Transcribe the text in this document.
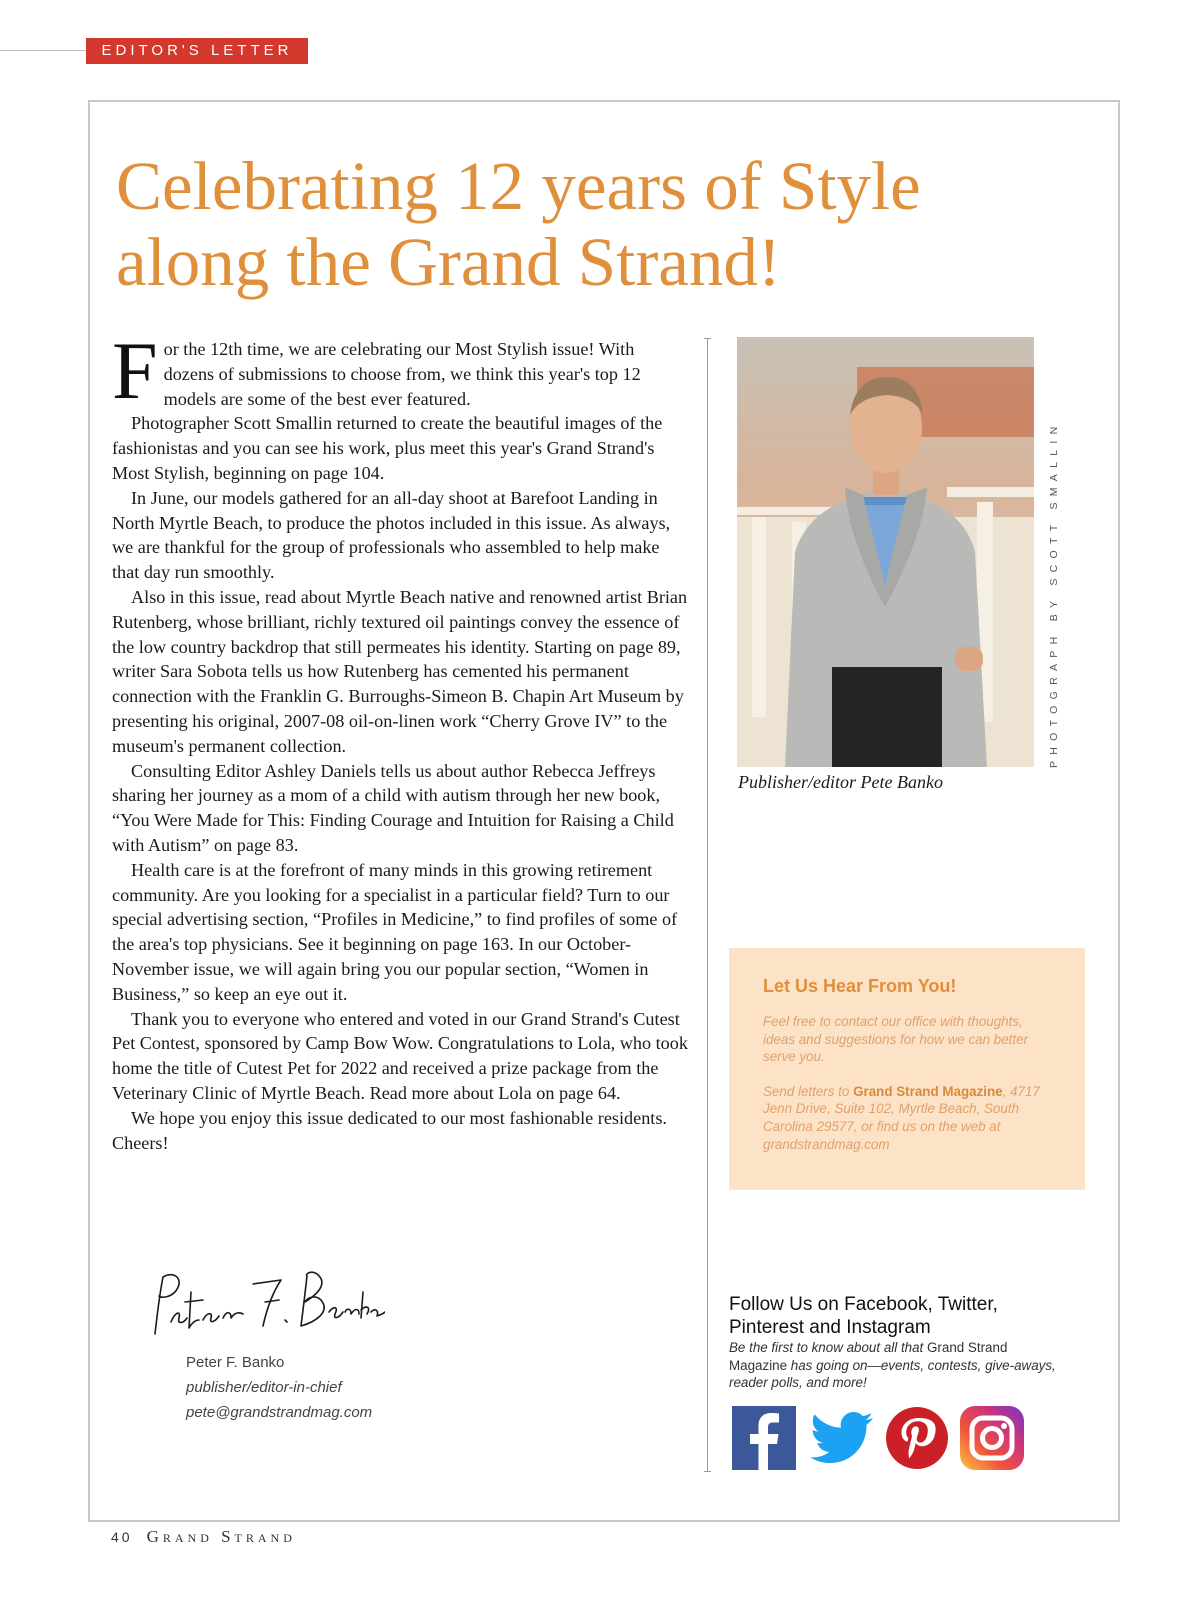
EDITOR'S LETTER
Celebrating 12 years of Style along the Grand Strand!

For the 12th time, we are celebrating our Most Stylish issue! With dozens of submissions to choose from, we think this year's top 12 models are some of the best ever featured.

Photographer Scott Smallin returned to create the beautiful images of the fashionistas and you can see his work, plus meet this year's Grand Strand's Most Stylish, beginning on page 104.

In June, our models gathered for an all-day shoot at Barefoot Landing in North Myrtle Beach, to produce the photos included in this issue. As always, we are thankful for the group of professionals who assembled to help make that day run smoothly.

Also in this issue, read about Myrtle Beach native and renowned artist Brian Rutenberg, whose brilliant, richly textured oil paintings convey the essence of the low country backdrop that still permeates his identity. Starting on page 89, writer Sara Sobota tells us how Rutenberg has cemented his permanent connection with the Franklin G. Burroughs-Simeon B. Chapin Art Museum by presenting his original, 2007-08 oil-on-linen work “Cherry Grove IV” to the museum's permanent collection.

Consulting Editor Ashley Daniels tells us about author Rebecca Jeffreys sharing her journey as a mom of a child with autism through her new book, “You Were Made for This: Finding Courage and Intuition for Raising a Child with Autism” on page 83.

Health care is at the forefront of many minds in this growing retirement community. Are you looking for a specialist in a particular field? Turn to our special advertising section, “Profiles in Medicine,” to find profiles of some of the area's top physicians. See it beginning on page 163. In our October-November issue, we will again bring you our popular section, “Women in Business,” so keep an eye out it.

Thank you to everyone who entered and voted in our Grand Strand's Cutest Pet Contest, sponsored by Camp Bow Wow. Congratulations to Lola, who took home the title of Cutest Pet for 2022 and received a prize package from the Veterinary Clinic of Myrtle Beach. Read more about Lola on page 64.

We hope you enjoy this issue dedicated to our most fashionable residents. Cheers!

PHOTOGRAPH BY SCOTT SMALLIN
Publisher/editor Pete Banko
Let Us Hear From You!

Feel free to contact our office with thoughts, ideas and suggestions for how we can better serve you.

Send letters to Grand Strand Magazine, 4717 Jenn Drive, Suite 102, Myrtle Beach, South Carolina 29577, or find us on the web at grandstrandmag.com

Follow Us on Facebook, Twitter, Pinterest and Instagram
Be the first to know about all that Grand Strand Magazine has going on—events, contests, give-aways, reader polls, and more!
Peter F. Banko
publisher/editor-in-chief
pete@grandstrandmag.com
40 Grand Strand
